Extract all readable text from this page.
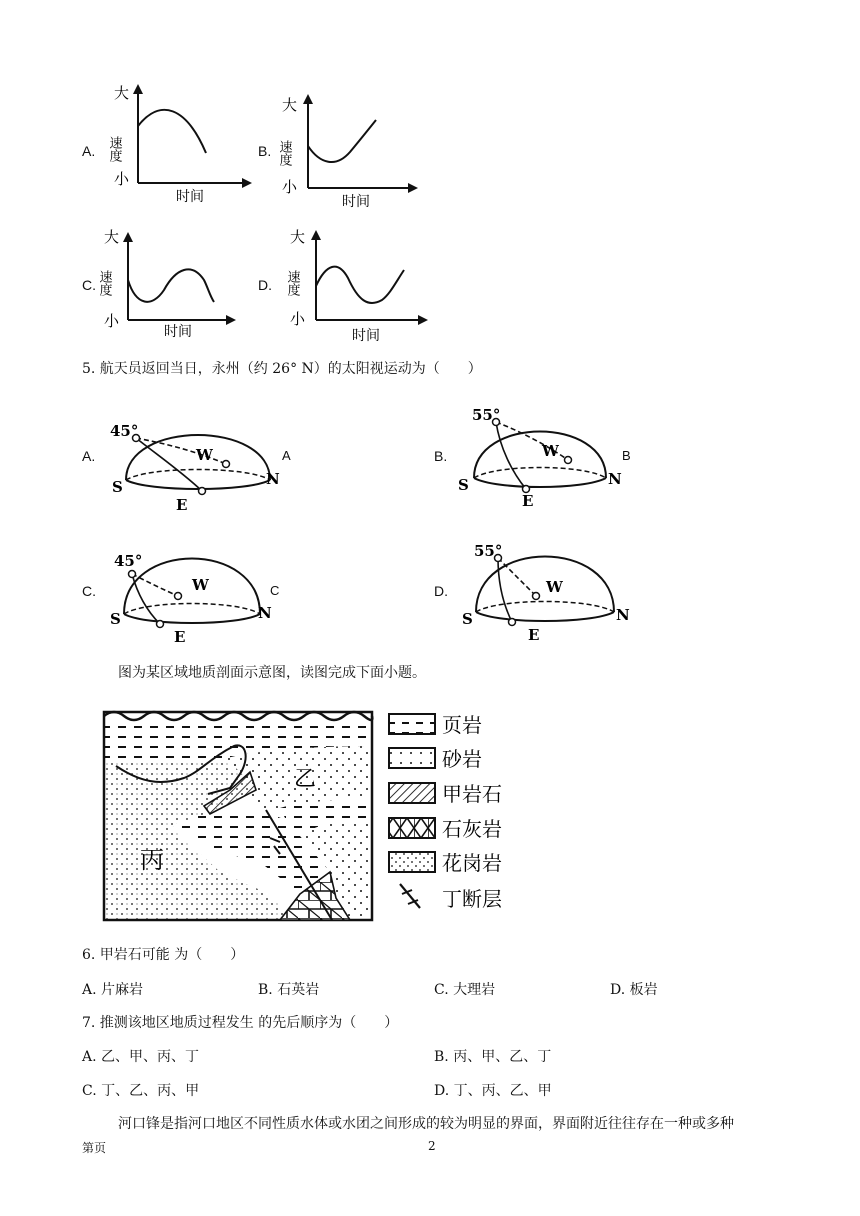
A.
大
速度
小
时间
B.
大
速度
小
时间
C.
大
速度
小
时间
D.
大
速度
小
时间
5. 航天员返回当日，永州（约 26° N）的太阳视运动为（　　）
A.
45°
S	N
E
W	A	B.
55°
S	N
E
W	B
C.
45°
S	N
E
W	C	D.
55°
S	N
E
W
图为某区域地质剖面示意图，读图完成下面小题。
乙
丙
页岩
砂岩
甲岩石
石灰岩
花岗岩
丁断层
6. 甲岩石可能 为（　　）
A. 片麻岩	B. 石英岩	C. 大理岩	D. 板岩
7. 推测该地区地质过程发生 的先后顺序为（　　）
A. 乙、甲、丙、丁	B. 丙、甲、乙、丁
C. 丁、乙、丙、甲	D. 丁、丙、乙、甲
河口锋是指河口地区不同性质水体或水团之间形成的较为明显的界面，界面附近往往存在一种或多种
第页	2
